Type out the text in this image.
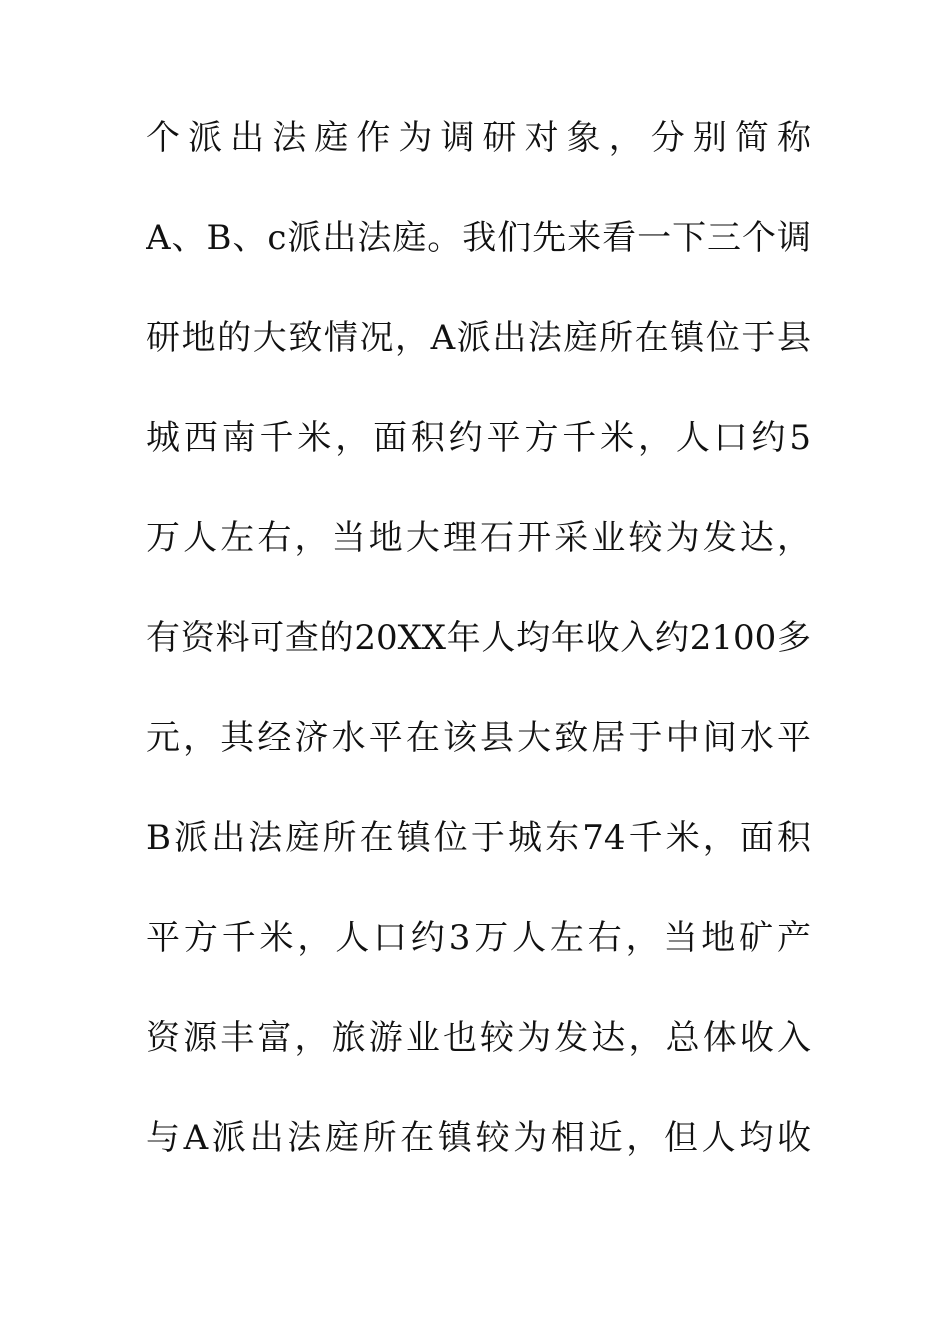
个派出法庭作为调研对象，分别简称
A、B、c派出法庭。我们先来看一下三个调
研地的大致情况，A派出法庭所在镇位于县
城西南千米，面积约平方千米，人口约5
万人左右，当地大理石开采业较为发达，
有资料可查的20XX年人均年收入约2100多
元，其经济水平在该县大致居于中间水平
B派出法庭所在镇位于城东74千米，面积
平方千米，人口约3万人左右，当地矿产
资源丰富，旅游业也较为发达，总体收入
与A派出法庭所在镇较为相近，但人均收
